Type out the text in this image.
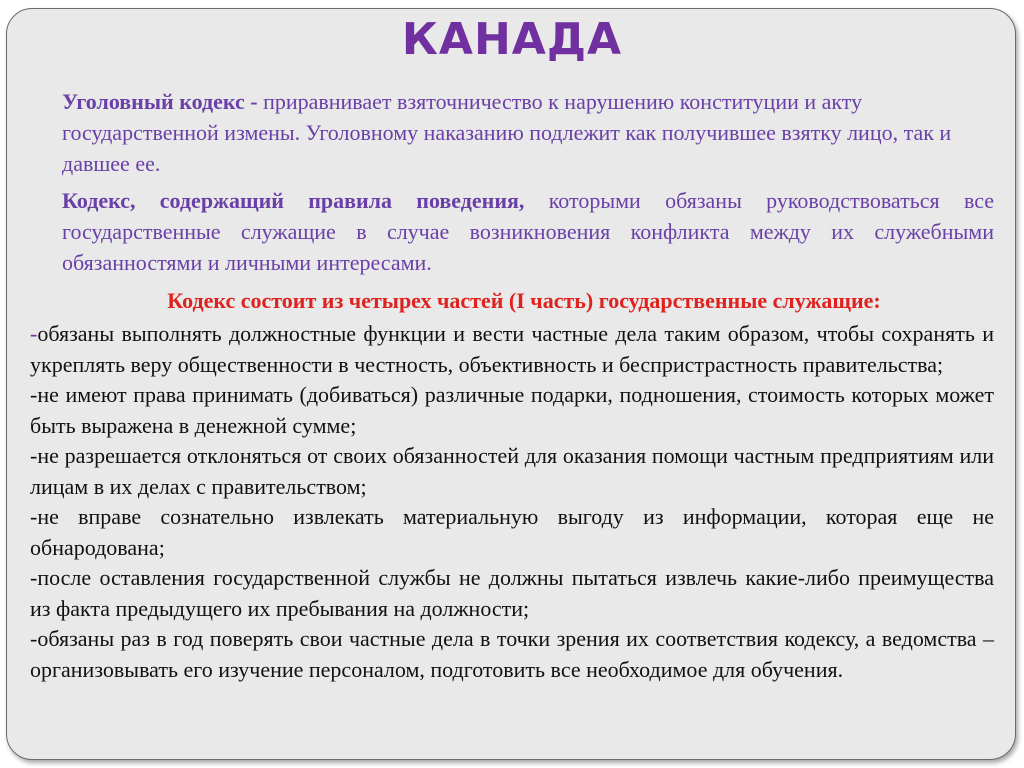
КАНАДА

Уголовный кодекс - приравнивает взяточничество к нарушению конституции и акту государственной измены. Уголовному наказанию подлежит как получившее взятку лицо, так и давшее ее.

Кодекс, содержащий правила поведения, которыми обязаны руководствоваться все государственные служащие в случае возникновения конфликта между их служебными обязанностями и личными интересами.

Кодекс состоит из четырех частей (I часть) государственные служащие:

-обязаны выполнять должностные функции и вести частные дела таким образом, чтобы сохранять и укреплять веру общественности в честность, объективность и беспристрастность правительства;
-не имеют права принимать (добиваться) различные подарки, подношения, стоимость которых может быть выражена в денежной сумме;
-не разрешается отклоняться от своих обязанностей для оказания помощи частным предприятиям или лицам в их делах с правительством;
-не вправе сознательно извлекать материальную выгоду из информации, которая еще не обнародована;
-после оставления государственной службы не должны пытаться извлечь какие-либо преимущества из факта предыдущего их пребывания на должности;
-обязаны раз в год поверять свои частные дела в точки зрения их соответствия кодексу, а ведомства – организовывать его изучение персоналом, подготовить все необходимое для обучения.
